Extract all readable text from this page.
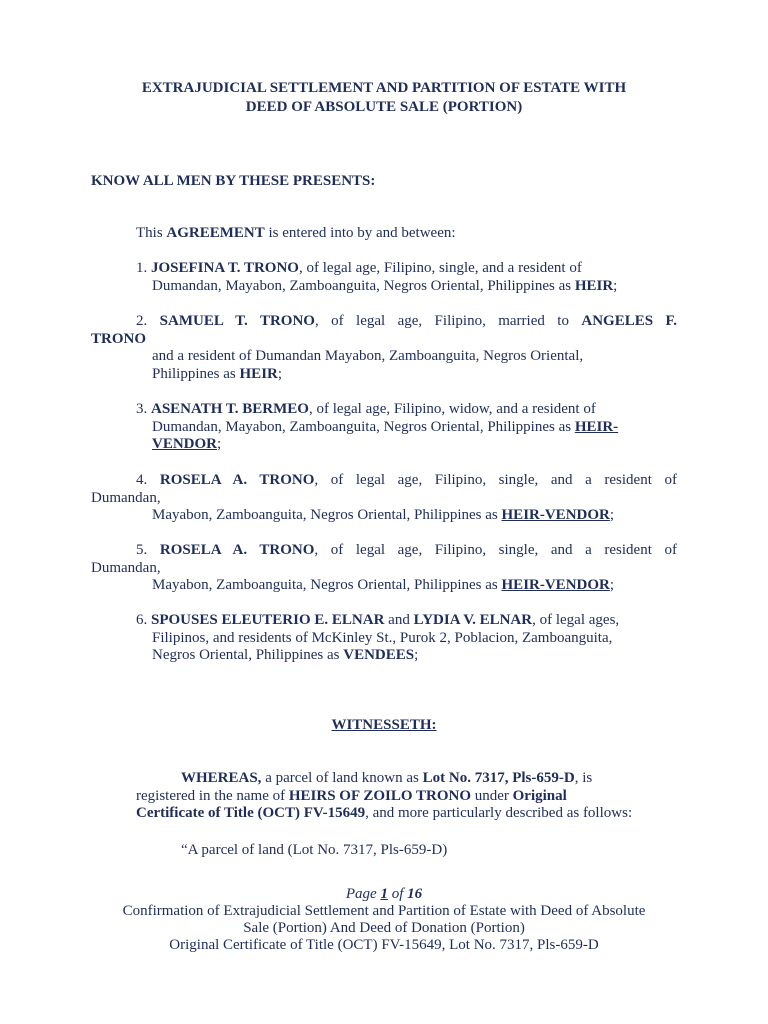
EXTRAJUDICIAL SETTLEMENT AND PARTITION OF ESTATE WITH
DEED OF ABSOLUTE SALE (PORTION)
KNOW ALL MEN BY THESE PRESENTS:
This AGREEMENT is entered into by and between:
1. JOSEFINA T. TRONO, of legal age, Filipino, single, and a resident of
Dumandan, Mayabon, Zamboanguita, Negros Oriental, Philippines as HEIR;
2. SAMUEL T. TRONO, of legal age, Filipino, married to ANGELES F.
TRONO
and a resident of Dumandan Mayabon, Zamboanguita, Negros Oriental,
Philippines as HEIR;
3. ASENATH T. BERMEO, of legal age, Filipino, widow, and a resident of
Dumandan, Mayabon, Zamboanguita, Negros Oriental, Philippines as HEIR-
VENDOR;
4. ROSELA A. TRONO, of legal age, Filipino, single, and a resident of
Dumandan,
Mayabon, Zamboanguita, Negros Oriental, Philippines as HEIR-VENDOR;
5. ROSELA A. TRONO, of legal age, Filipino, single, and a resident of
Dumandan,
Mayabon, Zamboanguita, Negros Oriental, Philippines as HEIR-VENDOR;
6. SPOUSES ELEUTERIO E. ELNAR and LYDIA V. ELNAR, of legal ages,
Filipinos, and residents of McKinley St., Purok 2, Poblacion, Zamboanguita,
Negros Oriental, Philippines as VENDEES;
WITNESSETH:
WHEREAS, a parcel of land known as Lot No. 7317, Pls-659-D, is
registered in the name of HEIRS OF ZOILO TRONO under Original
Certificate of Title (OCT) FV-15649, and more particularly described as follows:
“A parcel of land (Lot No. 7317, Pls-659-D)
Page 1 of 16
Confirmation of Extrajudicial Settlement and Partition of Estate with Deed of Absolute
Sale (Portion) And Deed of Donation (Portion)
Original Certificate of Title (OCT) FV-15649, Lot No. 7317, Pls-659-D
